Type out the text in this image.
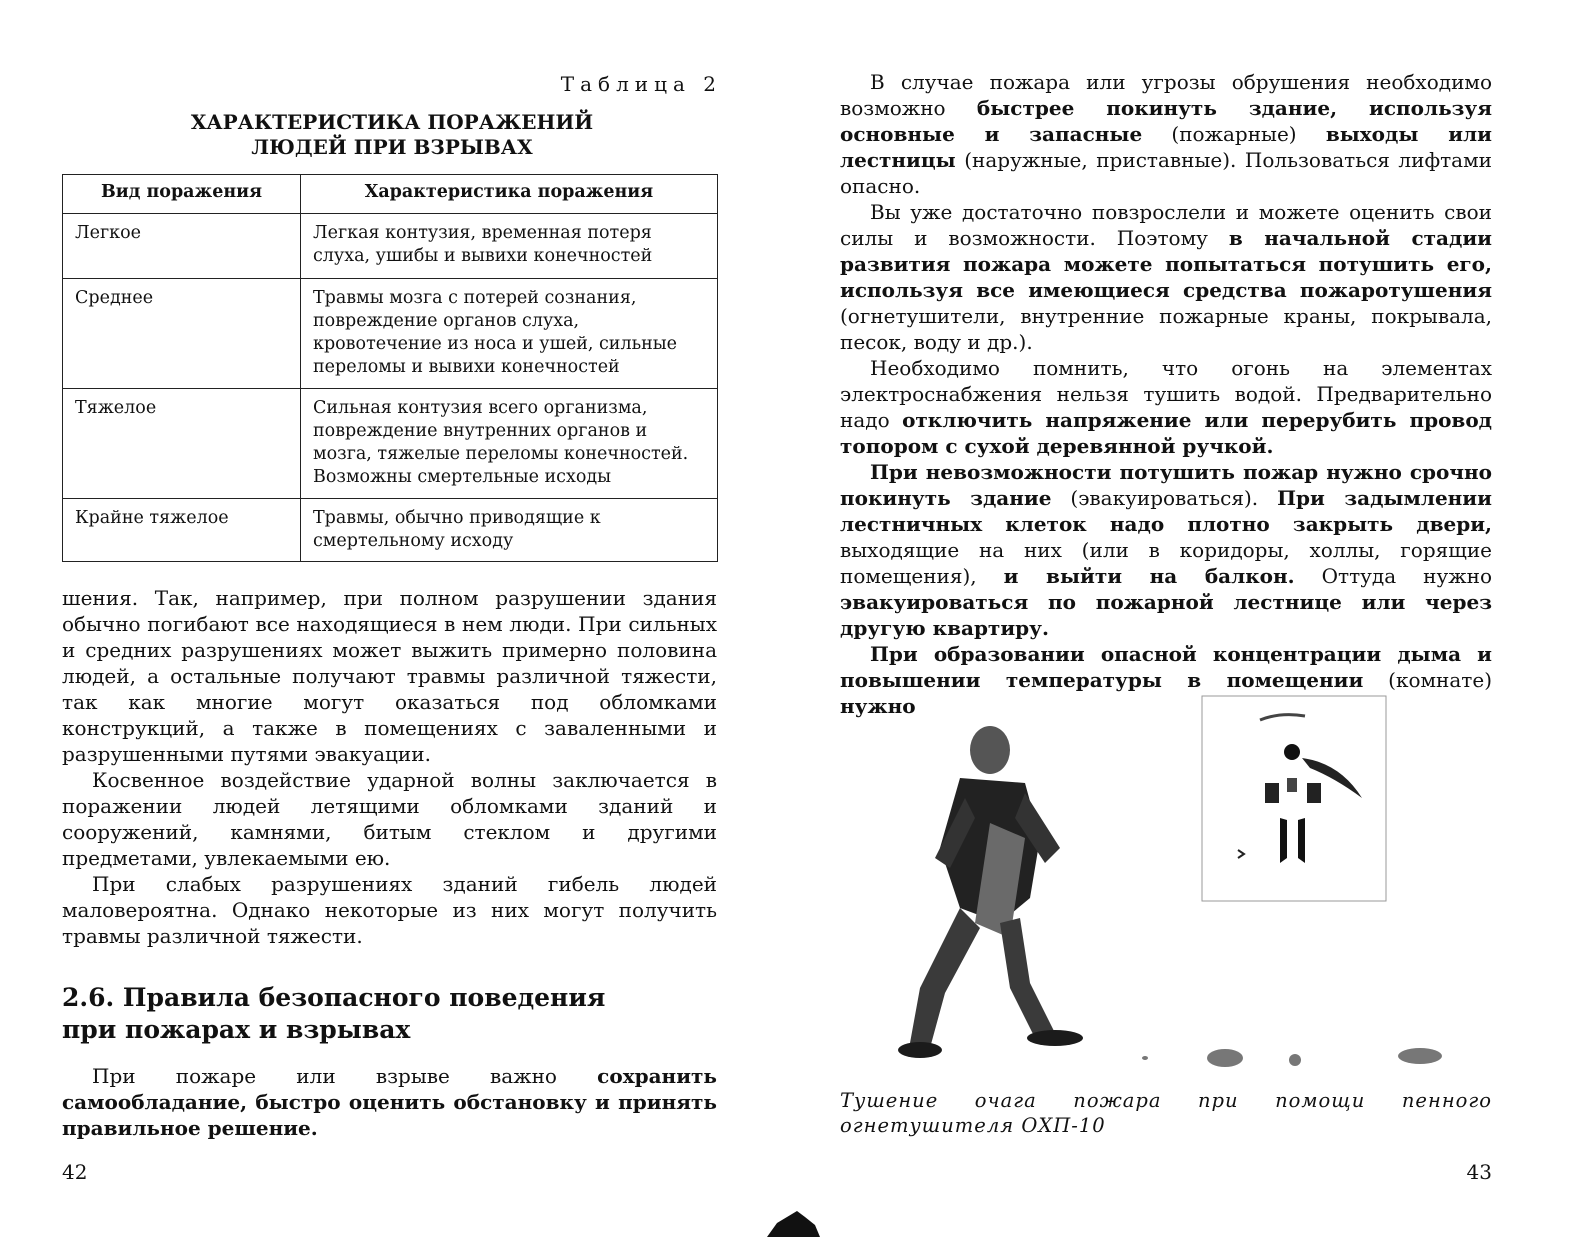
Таблица 2
ХАРАКТЕРИСТИКА ПОРАЖЕНИЙ
ЛЮДЕЙ ПРИ ВЗРЫВАХ
Вид поражения	Характеристика поражения
Легкое	Легкая контузия, временная потеря слуха, ушибы и вывихи конечностей
Среднее	Травмы мозга с потерей сознания, повреждение органов слуха, кровотечение из носа и ушей, сильные переломы и вывихи конечностей
Тяжелое	Сильная контузия всего организма, повреждение внутренних органов и мозга, тяжелые переломы конечностей. Возможны смертельные исходы
Крайне тяжелое	Травмы, обычно приводящие к смертельному исходу

шения. Так, например, при полном разрушении здания обычно погибают все находящиеся в нем люди. При сильных и средних разрушениях может выжить примерно половина людей, а остальные получают травмы различной тяжести, так как многие могут оказаться под обломками конструкций, а также в помещениях с заваленными и разрушенными путями эвакуации.

Косвенное воздействие ударной волны заключается в поражении людей летящими обломками зданий и сооружений, камнями, битым стеклом и другими предметами, увлекаемыми ею.

При слабых разрушениях зданий гибель людей маловероятна. Однако некоторые из них могут получить травмы различной тяжести.

2.6. Правила безопасного поведения
при пожарах и взрывах

При пожаре или взрыве важно сохранить самообладание, быстро оценить обстановку и принять правильное решение.

42

В случае пожара или угрозы обрушения необходимо возможно быстрее покинуть здание, используя основные и запасные (пожарные) выходы или лестницы (наружные, приставные). Пользоваться лифтами опасно.

Вы уже достаточно повзрослели и можете оценить свои силы и возможности. Поэтому в начальной стадии развития пожара можете попытаться потушить его, используя все имеющиеся средства пожаротушения (огнетушители, внутренние пожарные краны, покрывала, песок, воду и др.).

Необходимо помнить, что огонь на элементах электроснабжения нельзя тушить водой. Предварительно надо отключить напряжение или перерубить провод топором с сухой деревянной ручкой.

При невозможности потушить пожар нужно срочно покинуть здание (эвакуироваться). При задымлении лестничных клеток надо плотно закрыть двери, выходящие на них (или в коридоры, холлы, горящие помещения), и выйти на балкон. Оттуда нужно эвакуироваться по пожарной лестнице или через другую квартиру.

При образовании опасной концентрации дыма и повышении температуры в помещении (комнате) нужно

Тушение очага пожара при помощи пенного огнетушителя ОХП-10
43
